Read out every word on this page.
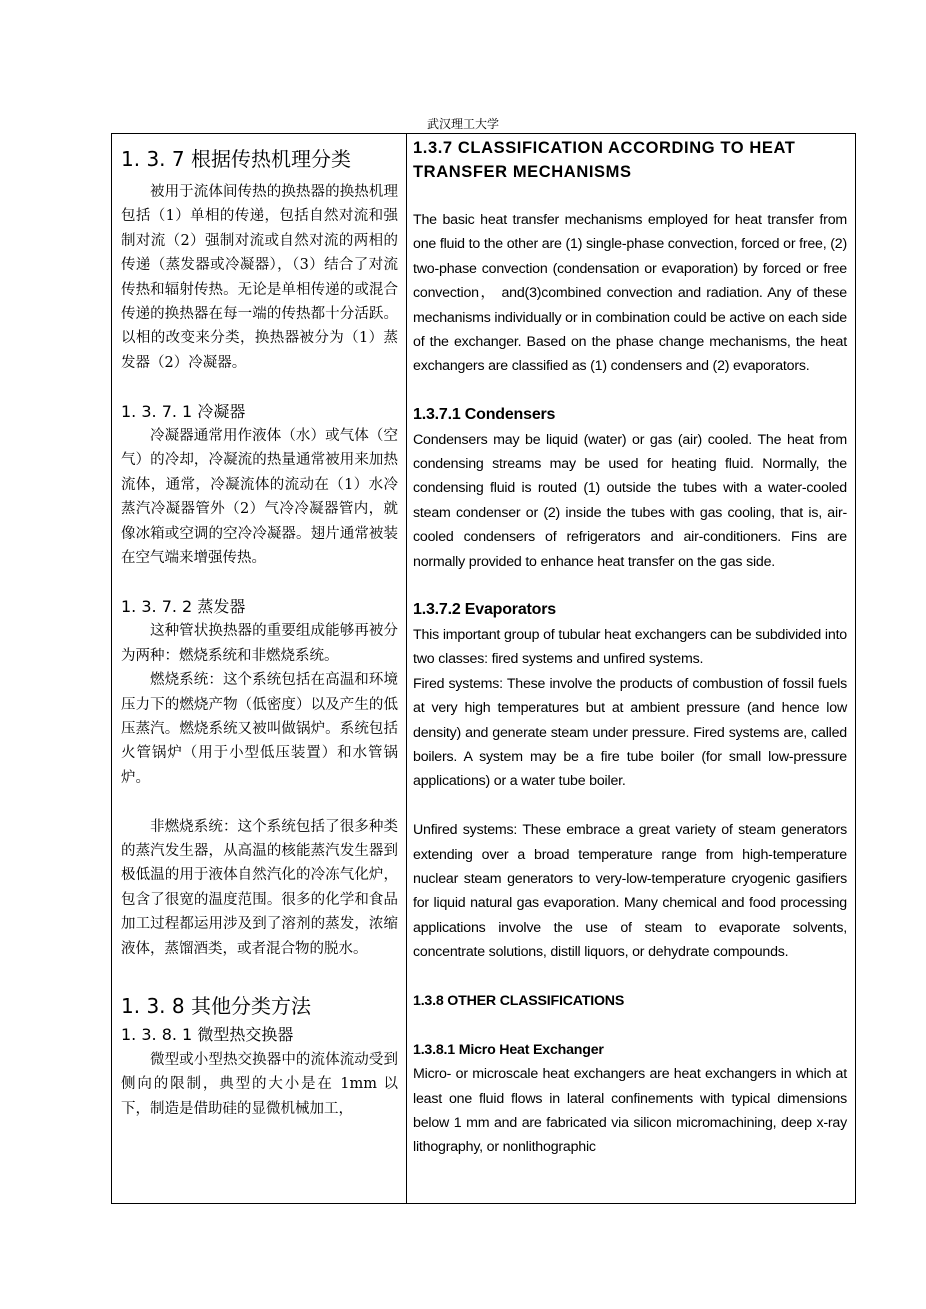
武汉理工大学
1. 3. 7 根据传热机理分类

被用于流体间传热的换热器的换热机理包括（1）单相的传递，包括自然对流和强制对流（2）强制对流或自然对流的两相的传递（蒸发器或冷凝器），（3）结合了对流传热和辐射传热。无论是单相传递的或混合传递的换热器在每一端的传热都十分活跃。以相的改变来分类，换热器被分为（1）蒸发器（2）冷凝器。

1. 3. 7. 1 冷凝器

冷凝器通常用作液体（水）或气体（空气）的冷却，冷凝流的热量通常被用来加热流体，通常，冷凝流体的流动在（1）水冷蒸汽冷凝器管外（2）气冷冷凝器管内，就像冰箱或空调的空冷冷凝器。翅片通常被装在空气端来增强传热。

1. 3. 7. 2 蒸发器

这种管状换热器的重要组成能够再被分为两种：燃烧系统和非燃烧系统。

燃烧系统：这个系统包括在高温和环境压力下的燃烧产物（低密度）以及产生的低压蒸汽。燃烧系统又被叫做锅炉。系统包括火管锅炉（用于小型低压装置）和水管锅炉。

非燃烧系统：这个系统包括了很多种类的蒸汽发生器，从高温的核能蒸汽发生器到极低温的用于液体自然汽化的冷冻气化炉，包含了很宽的温度范围。很多的化学和食品加工过程都运用涉及到了溶剂的蒸发，浓缩液体，蒸馏酒类，或者混合物的脱水。

1. 3. 8 其他分类方法
1. 3. 8. 1 微型热交换器

微型或小型热交换器中的流体流动受到侧向的限制，典型的大小是在 1mm 以下，制造是借助硅的显微机械加工，

1.3.7 CLASSIFICATION ACCORDING TO HEAT TRANSFER MECHANISMS

The basic heat transfer mechanisms employed for heat transfer from one fluid to the other are (1) single-phase convection, forced or free, (2) two-phase convection (condensation or evaporation) by forced or free convection， and(3)combined convection and radiation. Any of these mechanisms individually or in combination could be active on each side of the exchanger. Based on the phase change mechanisms, the heat exchangers are classified as (1) condensers and (2) evaporators.

1.3.7.1 Condensers

Condensers may be liquid (water) or gas (air) cooled. The heat from condensing streams may be used for heating fluid. Normally, the condensing fluid is routed (1) outside the tubes with a water-cooled steam condenser or (2) inside the tubes with gas cooling, that is, air-cooled condensers of refrigerators and air-conditioners. Fins are normally provided to enhance heat transfer on the gas side.

1.3.7.2 Evaporators

This important group of tubular heat exchangers can be subdivided into two classes: fired systems and unfired systems.

Fired systems: These involve the products of combustion of fossil fuels at very high temperatures but at ambient pressure (and hence low density) and generate steam under pressure. Fired systems are, called boilers. A system may be a fire tube boiler (for small low-pressure applications) or a water tube boiler.

Unfired systems: These embrace a great variety of steam generators extending over a broad temperature range from high-temperature nuclear steam generators to very-low-temperature cryogenic gasifiers for liquid natural gas evaporation. Many chemical and food processing applications involve the use of steam to evaporate solvents, concentrate solutions, distill liquors, or dehydrate compounds.

1.3.8 OTHER CLASSIFICATIONS
1.3.8.1 Micro Heat Exchanger

Micro- or microscale heat exchangers are heat exchangers in which at least one fluid flows in lateral confinements with typical dimensions below 1 mm and are fabricated via silicon micromachining, deep x-ray lithography, or nonlithographic
